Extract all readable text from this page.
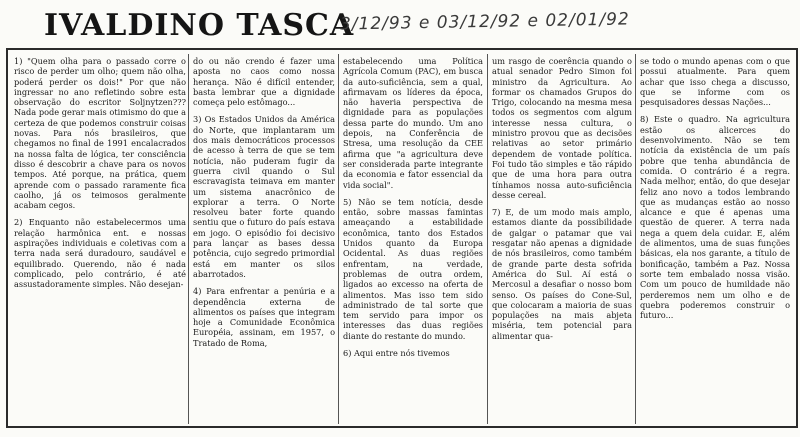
IVALDINO TASCA
3/12/93 e 03/12/92 e 02/01/92

1) "Quem olha para o passado corre o risco de perder um olho; quem não olha, poderá perder os dois!" Por que não ingressar no ano refletindo sobre esta observação do escritor Soljnytzen??? Nada pode gerar mais otimismo do que a certeza de que podemos construir coisas novas. Para nós brasileiros, que chegamos no final de 1991 encalacrados na nossa falta de lógica, ter consciência disso é descobrir a chave para os novos tempos. Até porque, na prática, quem aprende com o passado raramente fica caolho, já os teimosos geralmente acabam cegos.

2) Enquanto não estabelecermos uma relação harmônica ent. e nossas aspirações individuais e coletivas com a terra nada será duradouro, saudável e equilibrado. Querendo, não é nada complicado, pelo contrário, é até assustadoramente simples. Não desejan-

do ou não crendo é fazer uma aposta no caos como nossa herança. Não é difícil entender, basta lembrar que a dignidade começa pelo estômago...

3) Os Estados Unidos da América do Norte, que implantaram um dos mais democráticos processos de acesso à terra de que se tem notícia, não puderam fugir da guerra civil quando o Sul escravagista teimava em manter um sistema anacrônico de explorar a terra. O Norte resolveu bater forte quando sentiu que o futuro do país estava em jogo. O episódio foi decisivo para lançar as bases dessa potência, cujo segredo primordial está em manter os silos abarrotados.

4) Para enfrentar a penúria e a dependência externa de alimentos os países que integram hoje a Comunidade Econômica Européia, assinam, em 1957, o Tratado de Roma,

estabelecendo uma Política Agrícola Comum (PAC), em busca da auto-suficiência, sem a qual, afirmavam os líderes da época, não haveria perspectiva de dignidade para as populações dessa parte do mundo. Um ano depois, na Conferência de Stresa, uma resolução da CEE afirma que "a agricultura deve ser considerada parte integrante da economia e fator essencial da vida social".

5) Não se tem notícia, desde então, sobre massas famintas ameaçando a estabilidade econômica, tanto dos Estados Unidos quanto da Europa Ocidental. As duas regiões enfrentam, na verdade, problemas de outra ordem, ligados ao excesso na oferta de alimentos. Mas isso tem sido administrado de tal sorte que tem servido para impor os interesses das duas regiões diante do restante do mundo.

6) Aqui entre nós tivemos

um rasgo de coerência quando o atual senador Pedro Simon foi ministro da Agricultura. Ao formar os chamados Grupos do Trigo, colocando na mesma mesa todos os segmentos com algum interesse nessa cultura, o ministro provou que as decisões relativas ao setor primário dependem de vontade política. Foi tudo tão simples e tão rápido que de uma hora para outra tínhamos nossa auto-suficiência desse cereal.

7) E, de um modo mais amplo, estamos diante da possibilidade de galgar o patamar que vai resgatar não apenas a dignidade de nós brasileiros, como também de grande parte desta sofrida América do Sul. Aí está o Mercosul a desafiar o nosso bom senso. Os países do Cone-Sul, que colocaram a maioria de suas populações na mais abjeta miséria, tem potencial para alimentar qua-

se todo o mundo apenas com o que possui atualmente. Para quem achar que isso chega a discusso, que se informe com os pesquisadores dessas Nações...

8) Este o quadro. Na agricultura estão os alicerces do desenvolvimento. Não se tem notícia da existência de um país pobre que tenha abundância de comida. O contrário é a regra. Nada melhor, então, do que desejar feliz ano novo a todos lembrando que as mudanças estão ao nosso alcance e que é apenas uma questão de querer. A terra nada nega a quem dela cuidar. E, além de alimentos, uma de suas funções básicas, ela nos garante, a título de bonificação, também a Paz. Nossa sorte tem embalado nossa visão. Com um pouco de humildade não perderemos nem um olho e de quebra poderemos construir o futuro...
